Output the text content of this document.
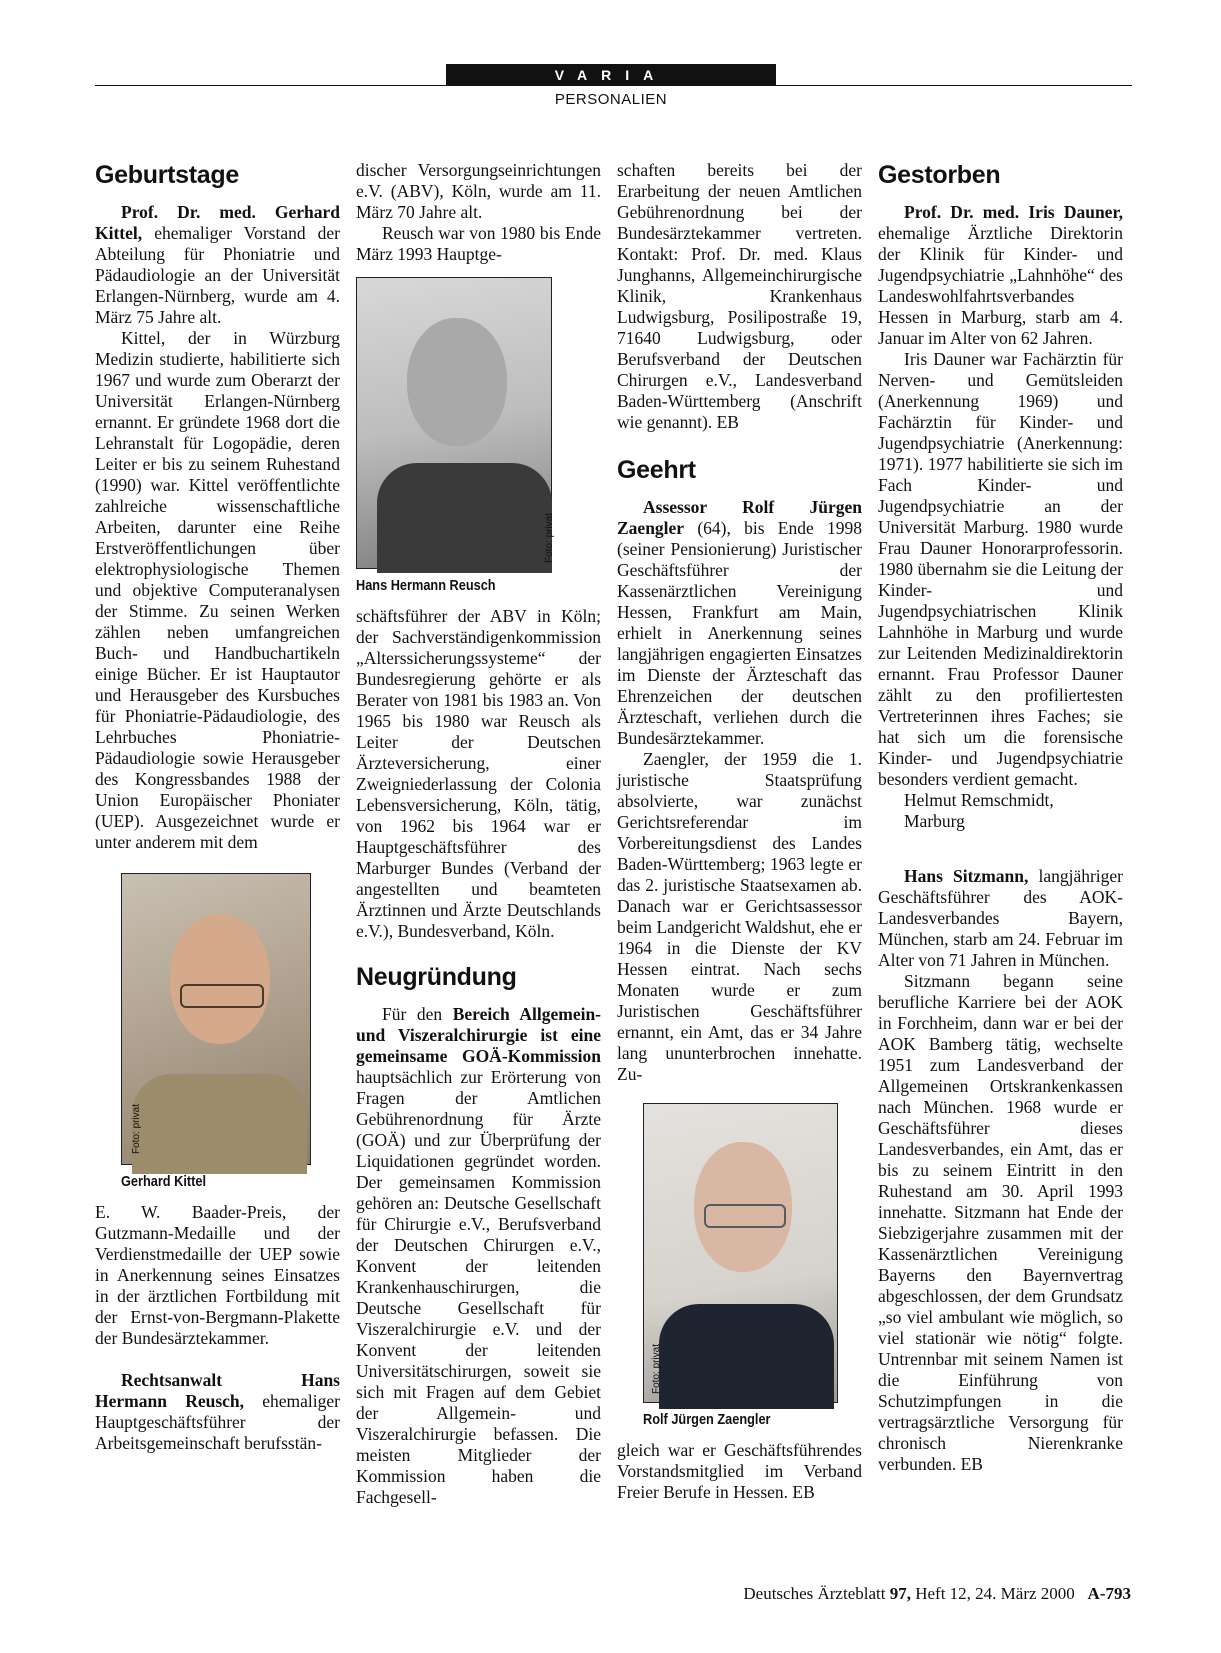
VARIA
PERSONALIEN
Geburtstage

Prof. Dr. med. Gerhard Kittel, ehemaliger Vorstand der Abteilung für Phoniatrie und Pädaudiologie an der Universität Erlangen-Nürnberg, wurde am 4. März 75 Jahre alt.

Kittel, der in Würzburg Medizin studierte, habilitierte sich 1967 und wurde zum Oberarzt der Universität Erlangen-Nürnberg ernannt. Er gründete 1968 dort die Lehranstalt für Logopädie, deren Leiter er bis zu seinem Ruhestand (1990) war. Kittel veröffentlichte zahlreiche wissenschaftliche Arbeiten, darunter eine Reihe Erstveröffentlichungen über elektrophysiologische Themen und objektive Computeranalysen der Stimme. Zu seinen Werken zählen neben umfangreichen Buch- und Handbuchartikeln einige Bücher. Er ist Hauptautor und Herausgeber des Kursbuches für Phoniatrie-Pädaudiologie, des Lehrbuches Phoniatrie-Pädaudiologie sowie Herausgeber des Kongressbandes 1988 der Union Europäischer Phoniater (UEP). Ausgezeichnet wurde er unter anderem mit dem

Foto: privat
Gerhard Kittel

E. W. Baader-Preis, der Gutzmann-Medaille und der Verdienstmedaille der UEP sowie in Anerkennung seines Einsatzes in der ärztlichen Fortbildung mit der Ernst-von-Bergmann-Plakette der Bundesärztekammer.

Rechtsanwalt Hans Hermann Reusch, ehemaliger Hauptgeschäftsführer der Arbeitsgemeinschaft berufsstän-

discher Versorgungseinrichtungen e.V. (ABV), Köln, wurde am 11. März 70 Jahre alt.

Reusch war von 1980 bis Ende März 1993 Hauptge-

Foto: privat
Hans Hermann Reusch

schäftsführer der ABV in Köln; der Sachverständigenkommission „Alterssicherungssysteme“ der Bundesregierung gehörte er als Berater von 1981 bis 1983 an. Von 1965 bis 1980 war Reusch als Leiter der Deutschen Ärzteversicherung, einer Zweigniederlassung der Colonia Lebensversicherung, Köln, tätig, von 1962 bis 1964 war er Hauptgeschäftsführer des Marburger Bundes (Verband der angestellten und beamteten Ärztinnen und Ärzte Deutschlands e.V.), Bundesverband, Köln.

Neugründung

Für den Bereich Allgemein- und Viszeralchirurgie ist eine gemeinsame GOÄ-Kommission hauptsächlich zur Erörterung von Fragen der Amtlichen Gebührenordnung für Ärzte (GOÄ) und zur Überprüfung der Liquidationen gegründet worden. Der gemeinsamen Kommission gehören an: Deutsche Gesellschaft für Chirurgie e.V., Berufsverband der Deutschen Chirurgen e.V., Konvent der leitenden Krankenhauschirurgen, die Deutsche Gesellschaft für Viszeralchirurgie e.V. und der Konvent der leitenden Universitätschirurgen, soweit sie sich mit Fragen auf dem Gebiet der Allgemein- und Viszeralchirurgie befassen. Die meisten Mitglieder der Kommission haben die Fachgesell-

schaften bereits bei der Erarbeitung der neuen Amtlichen Gebührenordnung bei der Bundesärztekammer vertreten. Kontakt: Prof. Dr. med. Klaus Junghanns, Allgemeinchirurgische Klinik, Krankenhaus Ludwigsburg, Posilipostraße 19, 71640 Ludwigsburg, oder Berufsverband der Deutschen Chirurgen e.V., Landesverband Baden-Württemberg (Anschrift wie genannt). EB

Geehrt

Assessor Rolf Jürgen Zaengler (64), bis Ende 1998 (seiner Pensionierung) Juristischer Geschäftsführer der Kassenärztlichen Vereinigung Hessen, Frankfurt am Main, erhielt in Anerkennung seines langjährigen engagierten Einsatzes im Dienste der Ärzteschaft das Ehrenzeichen der deutschen Ärzteschaft, verliehen durch die Bundesärztekammer.

Zaengler, der 1959 die 1. juristische Staatsprüfung absolvierte, war zunächst Gerichtsreferendar im Vorbereitungsdienst des Landes Baden-Württemberg; 1963 legte er das 2. juristische Staatsexamen ab. Danach war er Gerichtsassessor beim Landgericht Waldshut, ehe er 1964 in die Dienste der KV Hessen eintrat. Nach sechs Monaten wurde er zum Juristischen Geschäftsführer ernannt, ein Amt, das er 34 Jahre lang ununterbrochen innehatte. Zu-

Foto: privat
Rolf Jürgen Zaengler

gleich war er Geschäftsführendes Vorstandsmitglied im Verband Freier Berufe in Hessen. EB

Gestorben

Prof. Dr. med. Iris Dauner, ehemalige Ärztliche Direktorin der Klinik für Kinder- und Jugendpsychiatrie „Lahnhöhe“ des Landeswohlfahrtsverbandes Hessen in Marburg, starb am 4. Januar im Alter von 62 Jahren.

Iris Dauner war Fachärztin für Nerven- und Gemütsleiden (Anerkennung 1969) und Fachärztin für Kinder- und Jugendpsychiatrie (Anerkennung: 1971). 1977 habilitierte sie sich im Fach Kinder- und Jugendpsychiatrie an der Universität Marburg. 1980 wurde Frau Dauner Honorarprofessorin. 1980 übernahm sie die Leitung der Kinder- und Jugendpsychiatrischen Klinik Lahnhöhe in Marburg und wurde zur Leitenden Medizinaldirektorin ernannt. Frau Professor Dauner zählt zu den profiliertesten Vertreterinnen ihres Faches; sie hat sich um die forensische Kinder- und Jugendpsychiatrie besonders verdient gemacht.

Helmut Remschmidt,
Marburg

Hans Sitzmann, langjähriger Geschäftsführer des AOK-Landesverbandes Bayern, München, starb am 24. Februar im Alter von 71 Jahren in München.

Sitzmann begann seine berufliche Karriere bei der AOK in Forchheim, dann war er bei der AOK Bamberg tätig, wechselte 1951 zum Landesverband der Allgemeinen Ortskrankenkassen nach München. 1968 wurde er Geschäftsführer dieses Landesverbandes, ein Amt, das er bis zu seinem Eintritt in den Ruhestand am 30. April 1993 innehatte. Sitzmann hat Ende der Siebzigerjahre zusammen mit der Kassenärztlichen Vereinigung Bayerns den Bayernvertrag abgeschlossen, der dem Grundsatz „so viel ambulant wie möglich, so viel stationär wie nötig“ folgte. Untrennbar mit seinem Namen ist die Einführung von Schutzimpfungen in die vertragsärztliche Versorgung für chronisch Nierenkranke verbunden. EB

Deutsches Ärzteblatt 97, Heft 12, 24. März 2000 A-793
